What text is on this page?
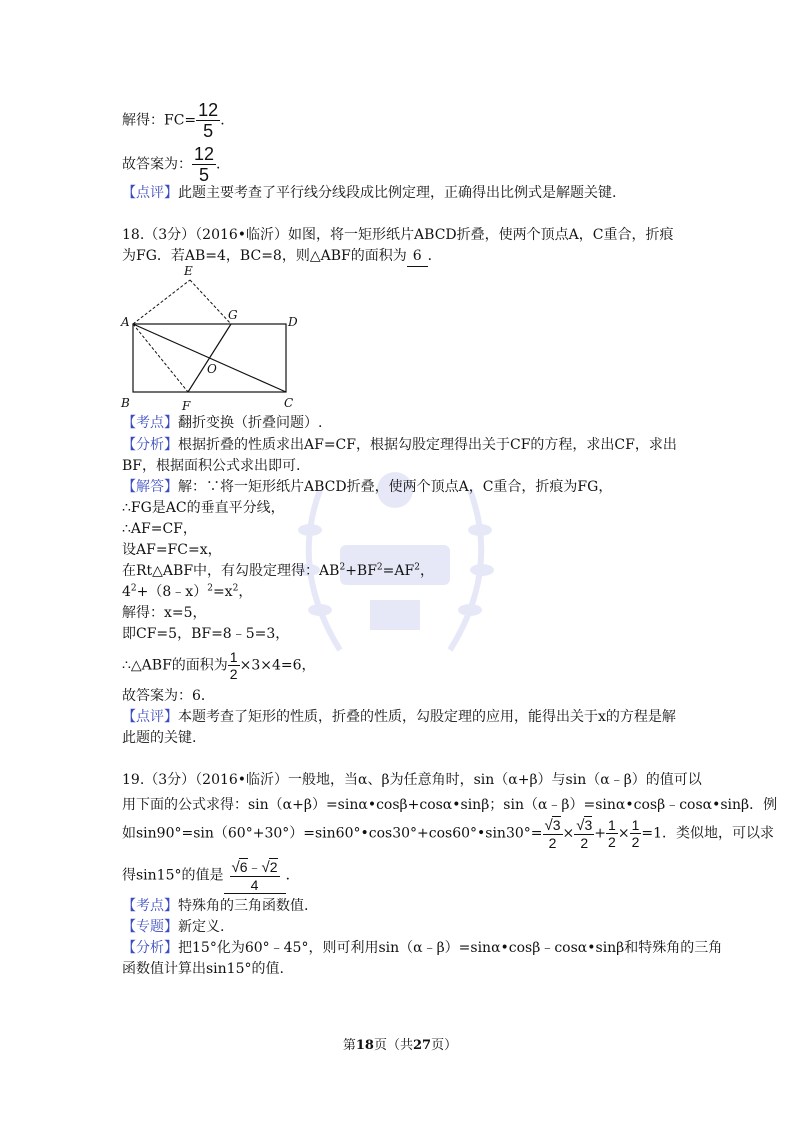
解得：$FC= \frac{12}{5}$ .
故答案为： $\frac{12}{5}$ .
【点评】此题主要考查了平行线分线段成比例定理，正确得出比例式是解题关键.
18.（3分）（2016•临沂）如图，将一矩形纸片ABCD折叠，使两个顶点A，C重合，折痕
为FG．若AB=4，BC=8，则△ABF的面积为 6 ．
E
A	G	D
O
B	F	C
【考点】翻折变换（折叠问题）.
【分析】根据折叠的性质求出AF=CF，根据勾股定理得出关于CF的方程，求出CF，求出
BF，根据面积公式求出即可.
【解答】解：∵将一矩形纸片ABCD折叠，使两个顶点A，C重合，折痕为FG，
∴FG是AC的垂直平分线，
∴AF=CF，
设AF=FC=x，
在Rt△ABF中，有勾股定理得：$AB^2+BF^2=AF^2$，
$4^2+(8﹣x)^2=x^2$，
解得：x=5，
即CF=5，BF=8﹣5=3，
∴△ABF的面积为 $\frac{1}{2} \times 3\times 4=6$，
故答案为：6．
【点评】本题考查了矩形的性质，折叠的性质，勾股定理的应用，能得出关于x的方程是解
此题的关键.
19.（3分）（2016•临沂）一般地，当α、β为任意角时，sin（α+β）与sin（α﹣β）的值可以
用下面的公式求得：sin（α+β）=sinα•cosβ+cosα•sinβ；sin（α﹣β）=sinα•cosβ﹣cosα•sinβ．例
如sin90°=sin（60°+30°）=sin60°•cos30°+cos60°•sin30°= $\frac{√3}{2} \times \frac{√3}{2} + \frac{1}{2} \times \frac{1}{2} =1$．类似地，可以求
得sin15°的值是 $\frac{√6﹣√2}{4}$ ．
【考点】特殊角的三角函数值.
【专题】新定义.
【分析】把15°化为60°﹣45°，则可利用sin（α﹣β）=sinα•cosβ﹣cosα•sinβ和特殊角的三角
函数值计算出sin15°的值.
第18页（共27页）
